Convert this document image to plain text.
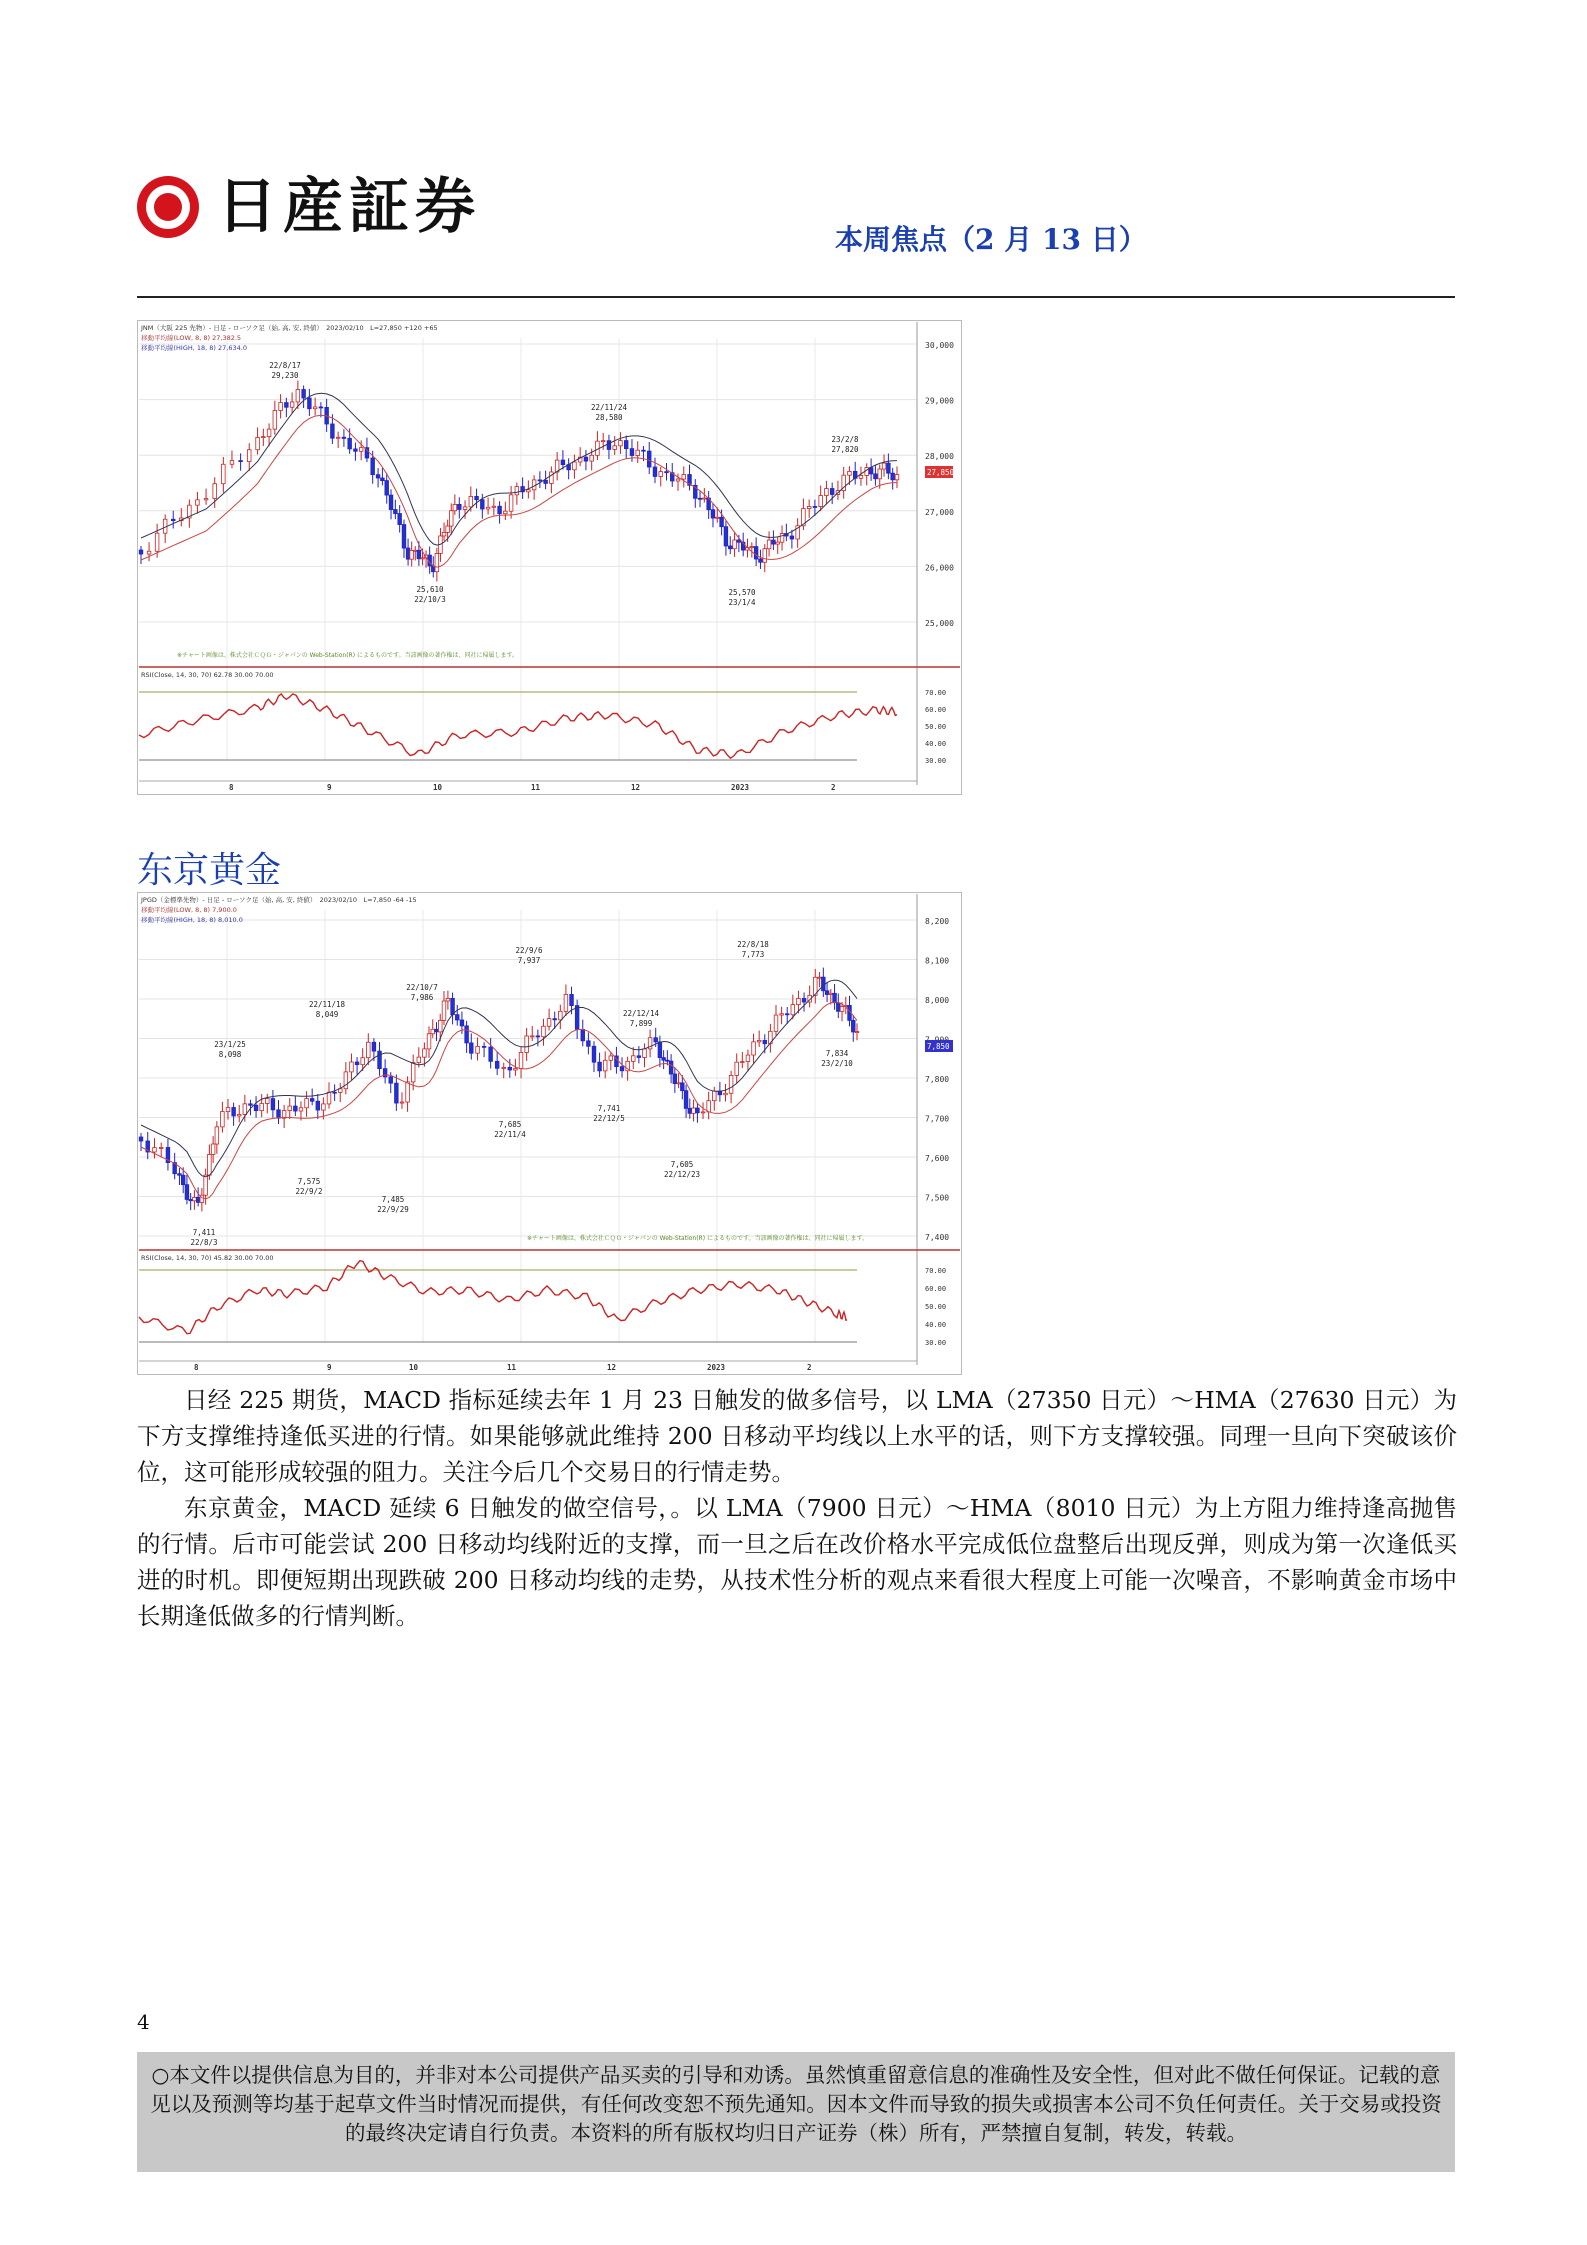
日産証券	本周焦点（2 月 13 日）
30,000
29,000
28,000
27,000
26,000
25,000
JNM（大阪 225 先物）- 日足 - ローソク足（始, 高, 安, 終値）　2023/02/10　L=27,850 +120 +65
移動平均線(LOW, 8, 8) 27,382.5
移動平均線(HIGH, 18, 8) 27,634.0
27,850
22/8/17
29,230
22/11/24
28,580
23/2/8
27,820
25,610
22/10/3
25,570
23/1/4
※チャート画像は、株式会社ＣＱＧ・ジャパンの Web-Station(R) によるものです。当該画像の著作権は、同社に帰属します。
RSI(Close, 14, 30, 70) 62.78 30.00 70.00
70.00
60.00
50.00
40.00
30.00
8	9	10	11	12	2023	2
东京黄金
8,200
8,100
8,000
7,800
7,700
7,600
7,500
7,400
JPGD（金標準先物）- 日足 - ローソク足（始, 高, 安, 終値）　2023/02/10　L=7,850 -64 -15
移動平均線(LOW, 8, 8) 7,900.0
移動平均線(HIGH, 18, 8) 8,010.0
7,850
23/1/25
8,098
22/11/18
8,049
22/10/7
7,986
22/9/6
7,937
22/12/14
7,899
22/8/18
7,773
7,685
22/11/4
7,741
22/12/5
7,575
22/9/2
7,605
22/12/23
7,485
22/9/29
7,411
22/8/3
7,834
23/2/10
※チャート画像は、株式会社ＣＱＧ・ジャパンの Web-Station(R) によるものです。当該画像の著作権は、同社に帰属します。
RSI(Close, 14, 30, 70) 45.82 30.00 70.00
70.00
60.00
50.00
40.00
30.00
8	9	10	11	12	2023	2
日经 225 期货，MACD 指标延续去年 1 月 23 日触发的做多信号，以 LMA（27350 日元）～HMA（27630 日元）为下方支撑维持逢低买进的行情。如果能够就此维持 200 日移动平均线以上水平的话，则下方支撑较强。同理一旦向下突破该价位，这可能形成较强的阻力。关注今后几个交易日的行情走势。
东京黄金，MACD 延续 6 日触发的做空信号，。以 LMA（7900 日元）～HMA（8010 日元）为上方阻力维持逢高抛售的行情。后市可能尝试 200 日移动均线附近的支撑，而一旦之后在改价格水平完成低位盘整后出现反弹，则成为第一次逢低买进的时机。即便短期出现跌破 200 日移动均线的走势，从技术性分析的观点来看很大程度上可能一次噪音，不影响黄金市场中长期逢低做多的行情判断。
4
○本文件以提供信息为目的，并非对本公司提供产品买卖的引导和劝诱。虽然慎重留意信息的准确性及安全性，但对此不做任何保证。记载的意见以及预测等均基于起草文件当时情况而提供，有任何改变恕不预先通知。因本文件而导致的损失或损害本公司不负任何责任。关于交易或投资的最终决定请自行负责。本资料的所有版权均归日产证券（株）所有，严禁擅自复制，转发，转载。
